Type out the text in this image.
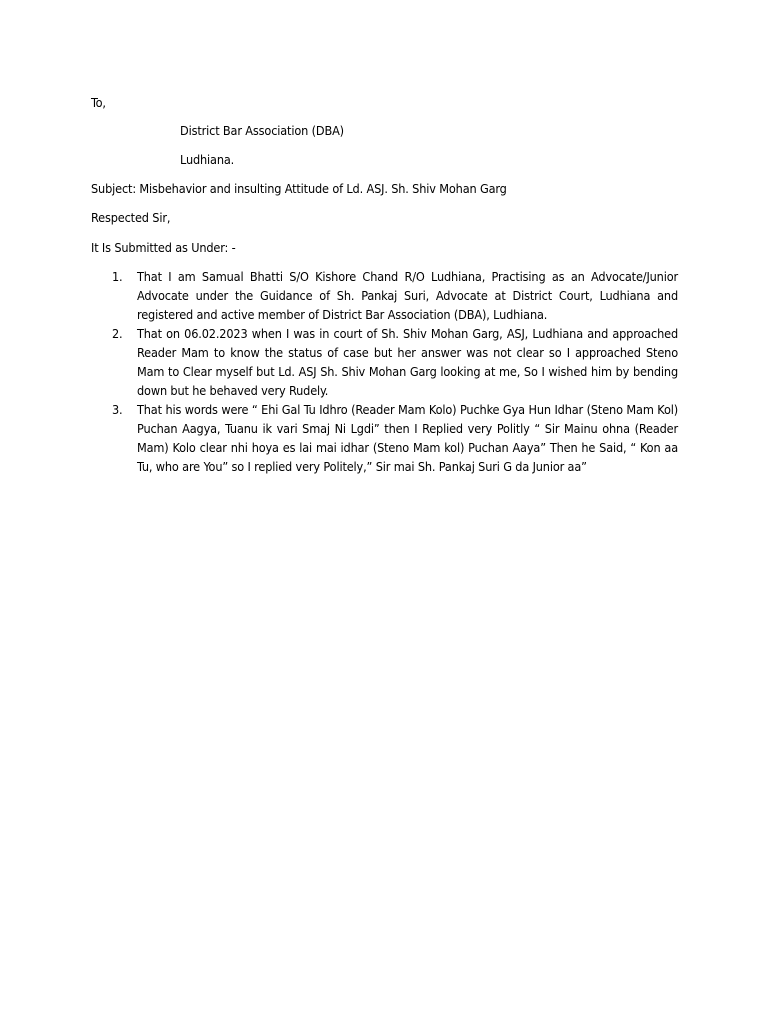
To,
District Bar Association (DBA)
Ludhiana.
Subject: Misbehavior and insulting Attitude of Ld. ASJ. Sh. Shiv Mohan Garg
Respected Sir,
It Is Submitted as Under: -
1. That I am Samual Bhatti S/O Kishore Chand R/O Ludhiana, Practising as an Advocate/Junior Advocate under the Guidance of Sh. Pankaj Suri, Advocate at District Court, Ludhiana and registered and active member of District Bar Association (DBA), Ludhiana.
2. That on 06.02.2023 when I was in court of Sh. Shiv Mohan Garg, ASJ, Ludhiana and approached Reader Mam to know the status of case but her answer was not clear so I approached Steno Mam to Clear myself but Ld. ASJ Sh. Shiv Mohan Garg looking at me, So I wished him by bending down but he behaved very Rudely.
3. That his words were “ Ehi Gal Tu Idhro (Reader Mam Kolo) Puchke Gya Hun Idhar (Steno Mam Kol) Puchan Aagya, Tuanu ik vari Smaj Ni Lgdi” then I Replied very Politly “ Sir Mainu ohna (Reader Mam) Kolo clear nhi hoya es lai mai idhar (Steno Mam kol) Puchan Aaya” Then he Said, “ Kon aa Tu, who are You” so I replied very Politely,” Sir mai Sh. Pankaj Suri G da Junior aa”
